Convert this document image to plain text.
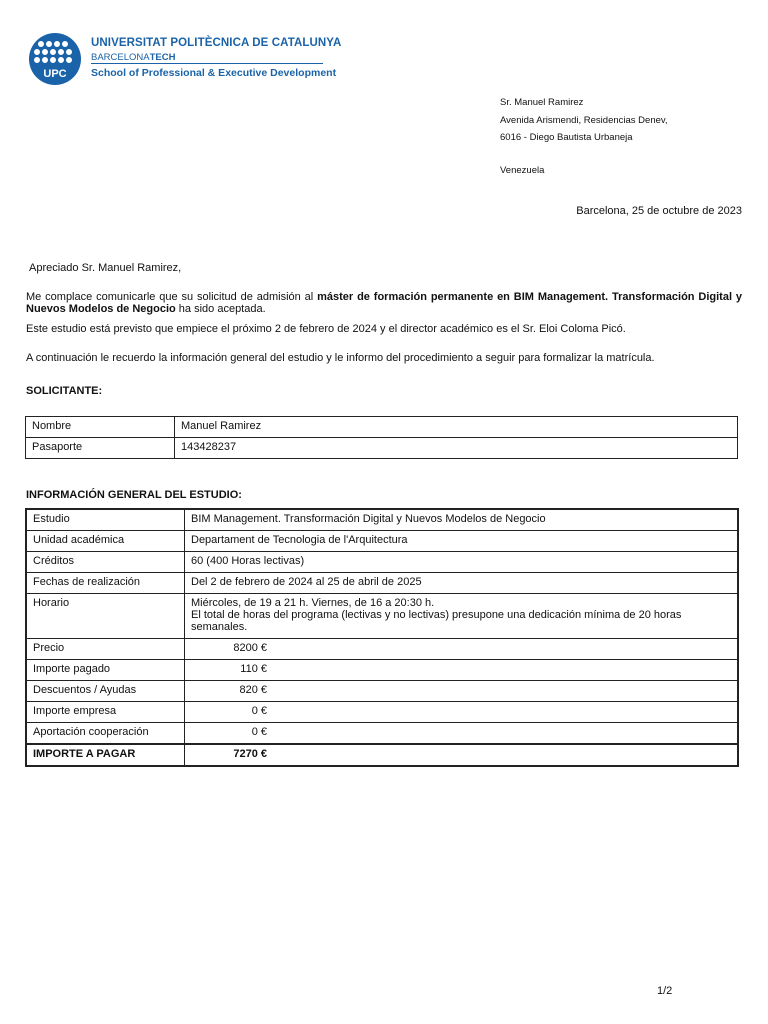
UPC
UNIVERSITAT POLITÈCNICA DE CATALUNYA
BARCELONATECH
School of Professional & Executive Development
Sr. Manuel Ramirez
Avenida Arismendi, Residencias Denev,
6016 - Diego Bautista Urbaneja
Venezuela
Barcelona, 25 de octubre de 2023
Apreciado Sr. Manuel Ramirez,
Me complace comunicarle que su solicitud de admisión al máster de formación permanente en BIM Management. Transformación Digital y Nuevos Modelos de Negocio ha sido aceptada.
Este estudio está previsto que empiece el próximo 2 de febrero de 2024 y el director académico es el Sr. Eloi Coloma Picó.
A continuación le recuerdo la información general del estudio y le informo del procedimiento a seguir para formalizar la matrícula.
SOLICITANTE:
Nombre	Manuel Ramirez
Pasaporte	143428237
INFORMACIÓN GENERAL DEL ESTUDIO:
Estudio	BIM Management. Transformación Digital y Nuevos Modelos de Negocio
Unidad académica	Departament de Tecnologia de l'Arquitectura
Créditos	60 (400 Horas lectivas)
Fechas de realización	Del 2 de febrero de 2024 al 25 de abril de 2025
Horario	Miércoles, de 19 a 21 h. Viernes, de 16 a 20:30 h.
El total de horas del programa (lectivas y no lectivas) presupone una dedicación mínima de 20 horas semanales.

Precio	8200 €
Importe pagado	110 €
Descuentos / Ayudas	820 €
Importe empresa	0 €
Aportación cooperación	0 €
IMPORTE A PAGAR	7270 €
1/2
